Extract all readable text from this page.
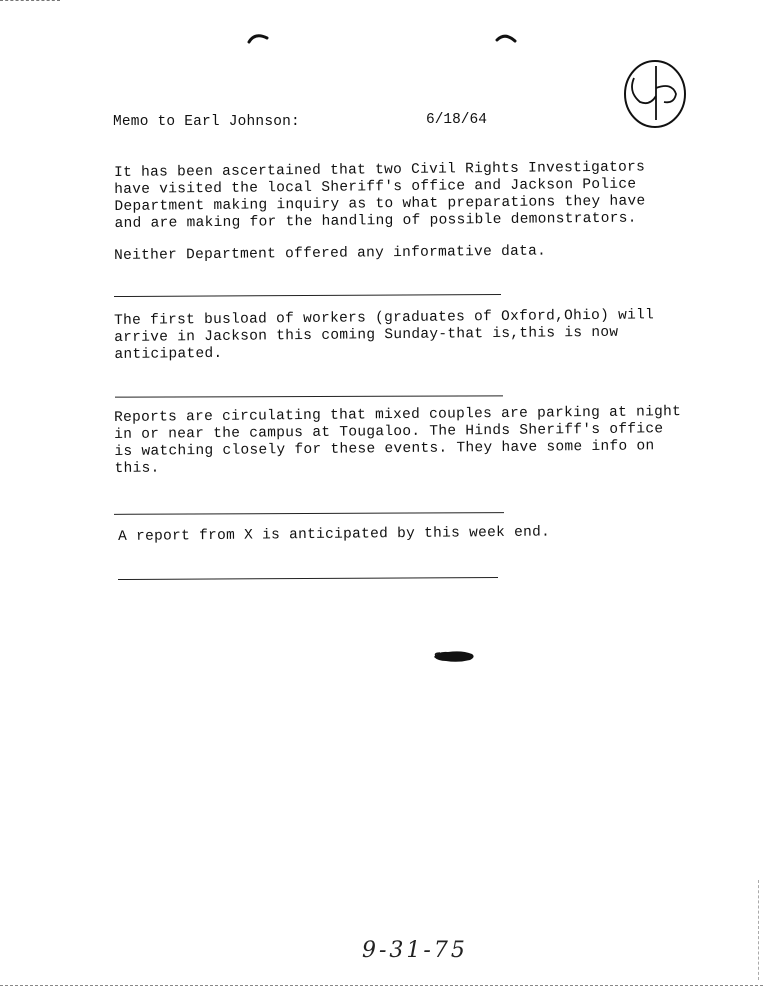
Memo to Earl Johnson:	6/18/64
It has been ascertained that two Civil Rights Investigators
have visited the local Sheriff's office and Jackson Police
Department making inquiry as to what preparations they have
and are making for the handling of possible demonstrators.
Neither Department offered any informative data.
The first busload of workers (graduates of Oxford,Ohio) will
arrive in Jackson this coming Sunday-that is,this is now
anticipated.
Reports are circulating that mixed couples are parking at night
in or near the campus at Tougaloo. The Hinds Sheriff's office
is watching closely for these events. They have some info on
this.
A report from X is anticipated by this week end.
9-31-75
